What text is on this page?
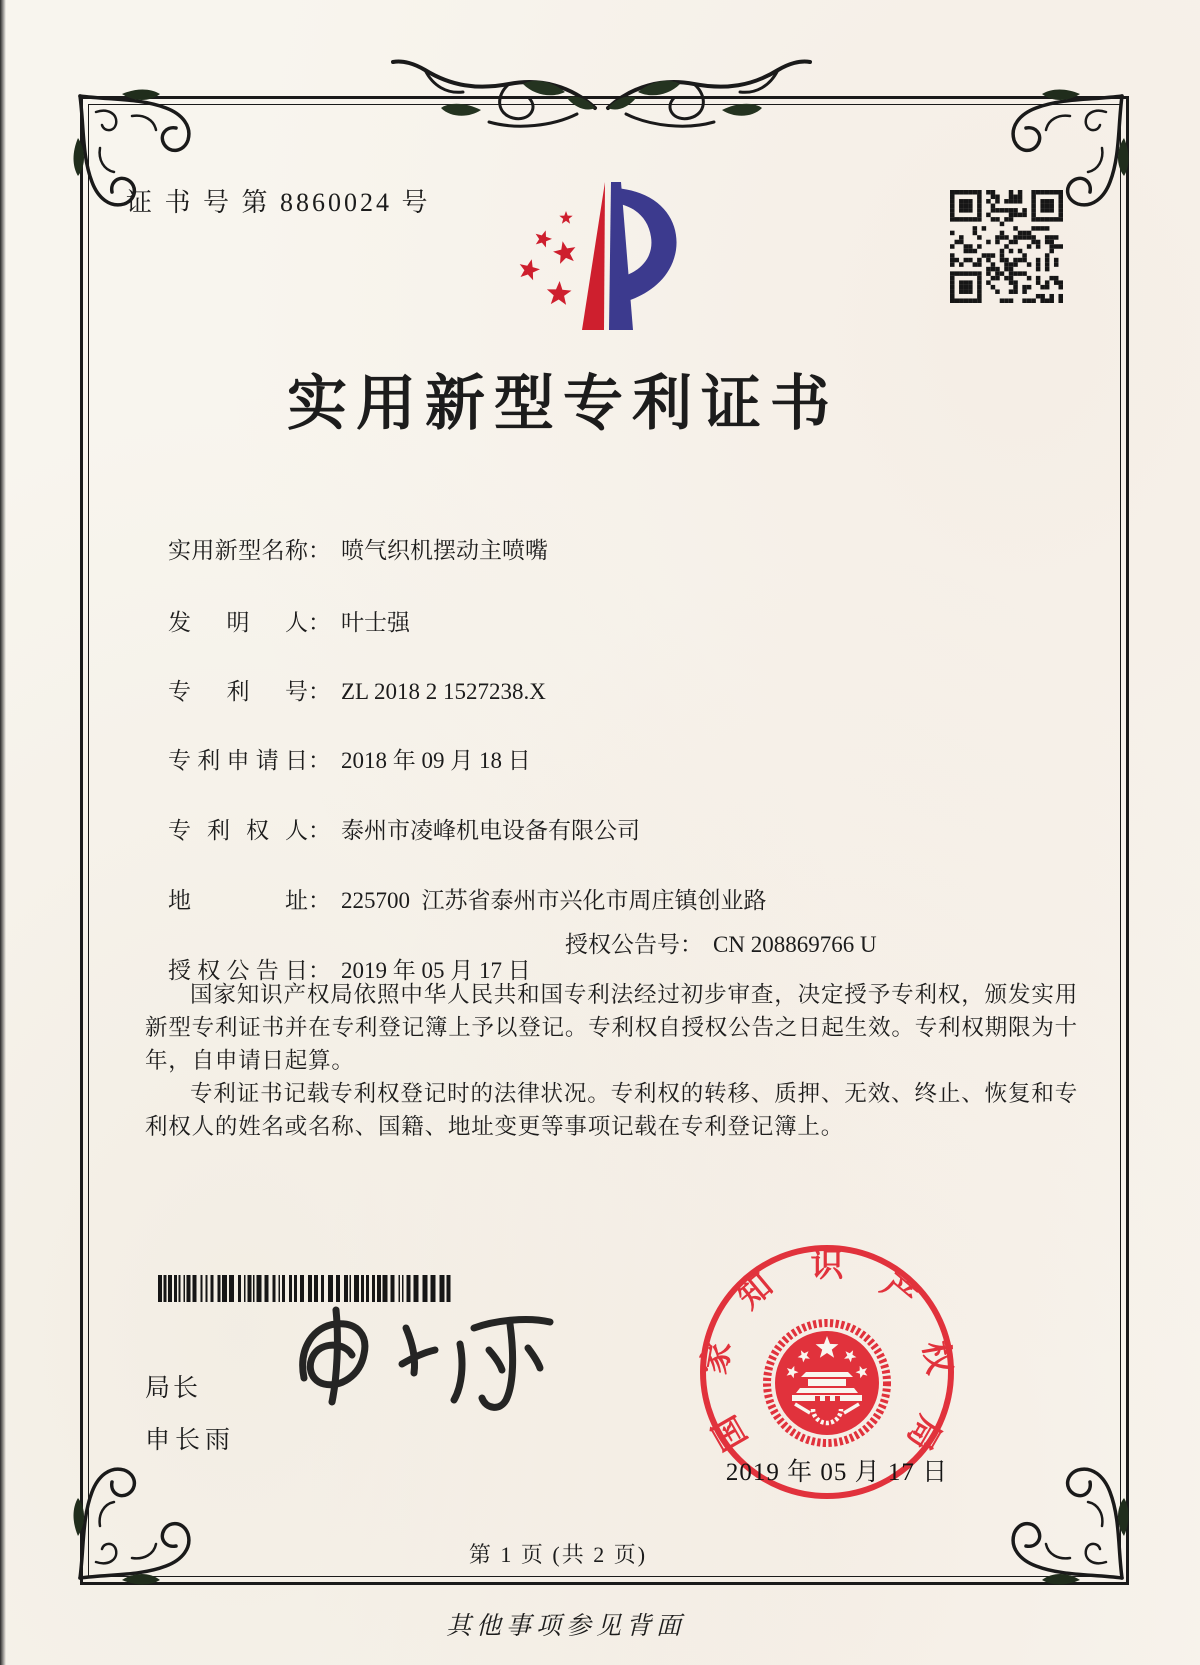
证 书 号 第 8860024 号
实用新型专利证书

实用新型名称： 喷气织机摆动主喷嘴

发明人： 叶士强

专利号： ZL 2018 2 1527238.X

专利申请日： 2018 年 09 月 18 日

专利权人： 泰州市凌峰机电设备有限公司

地址： 225700  江苏省泰州市兴化市周庄镇创业路

授权公告日： 2019 年 05 月 17 日

授权公告号： CN 208869766 U

国家知识产权局依照中华人民共和国专利法经过初步审查，决定授予专利权，颁发实用新型专利证书并在专利登记簿上予以登记。专利权自授权公告之日起生效。专利权期限为十年，自申请日起算。

专利证书记载专利权登记时的法律状况。专利权的转移、质押、无效、终止、恢复和专利权人的姓名或名称、国籍、地址变更等事项记载在专利登记簿上。

局长
申长雨	国
家
知
识
产
权
局
2019 年 05 月 17 日
第 1 页 (共 2 页)
其他事项参见背面
